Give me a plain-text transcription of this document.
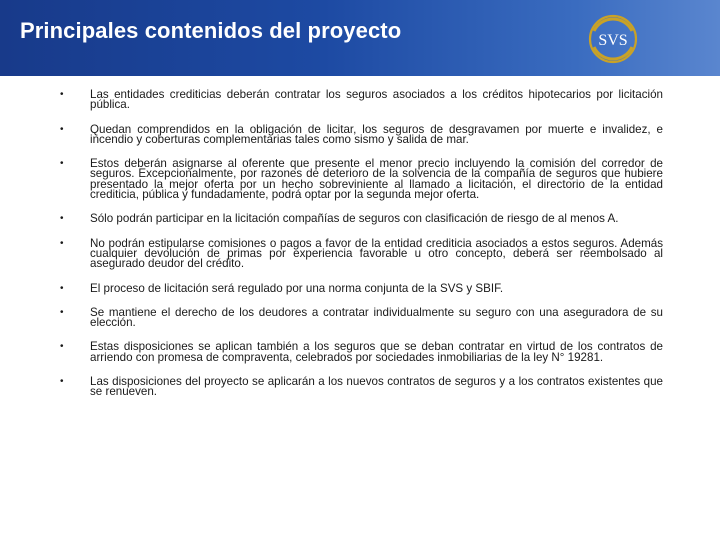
Principales contenidos del proyecto	SVS
• Las entidades crediticias deberán contratar los seguros asociados a los créditos hipotecarios por licitación pública.
• Quedan comprendidos en la obligación de licitar, los seguros de desgravamen por muerte e invalidez, e incendio y coberturas complementarias tales como sismo y salida de mar.
• Estos deberán asignarse al oferente que presente el menor precio incluyendo la comisión del corredor de seguros. Excepcionalmente, por razones de deterioro de la solvencia de la compañía de seguros que hubiere presentado la mejor oferta por un hecho sobreviniente al llamado a licitación, el directorio de la entidad crediticia, pública y fundadamente, podrá optar por la segunda mejor oferta.
• Sólo podrán participar en la licitación compañías de seguros con clasificación de riesgo de al menos A.
• No podrán estipularse comisiones o pagos a favor de la entidad crediticia asociados a estos seguros. Además cualquier devolución de primas por experiencia favorable u otro concepto, deberá ser reembolsado al asegurado deudor del crédito.
• El proceso de licitación será regulado por una norma conjunta de la SVS y SBIF.
• Se mantiene el derecho de los deudores a contratar individualmente su seguro con una aseguradora de su elección.
• Estas disposiciones se aplican también a los seguros que se deban contratar en virtud de los contratos de arriendo con promesa de compraventa, celebrados por sociedades inmobiliarias de la ley N° 19281.
• Las disposiciones del proyecto se aplicarán a los nuevos contratos de seguros y a los contratos existentes que se renueven.
